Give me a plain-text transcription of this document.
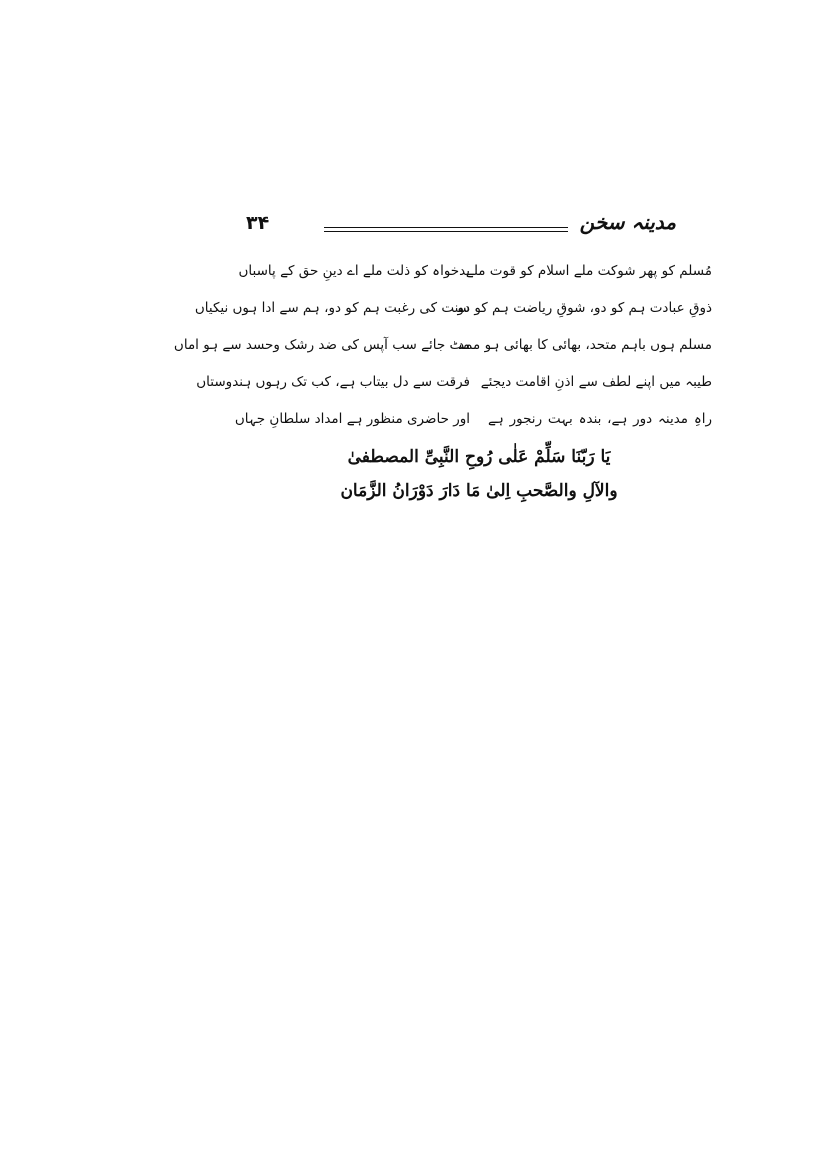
۳۴	مدینہ سخن
مُسلم کو پھر شوکت ملے اسلام کو قوت ملے
بدخواہ کو ذلت ملے اے دینِ حق کے پاسباں
ذوقِ عبادت ہم کو دو، شوقِ ریاضت ہم کو دو
سنت کی رغبت ہم کو دو، ہم سے ادا ہوں نیکیاں
مسلم ہوں باہم متحد، بھائی کا بھائی ہو ممد
مٹ جائے سب آپس کی ضد رشک وحسد سے ہو اماں
طیبہ میں اپنے لطف سے اذنِ اقامت دیجئے
فرقت سے دل بیتاب ہے، کب تک رہوں ہندوستاں
راہِ مدینہ دور ہے، بندہ بہت رنجور ہے
اور حاضری منظور ہے امداد سلطانِ جہاں
یَا رَبّنَا سَلِّمْ عَلٰی رُوحِ النَّبِیِّ المصطفیٰ
والآلِ والصَّحبِ اِلیٰ مَا دَارَ دَوْرَانُ الزَّمَان
